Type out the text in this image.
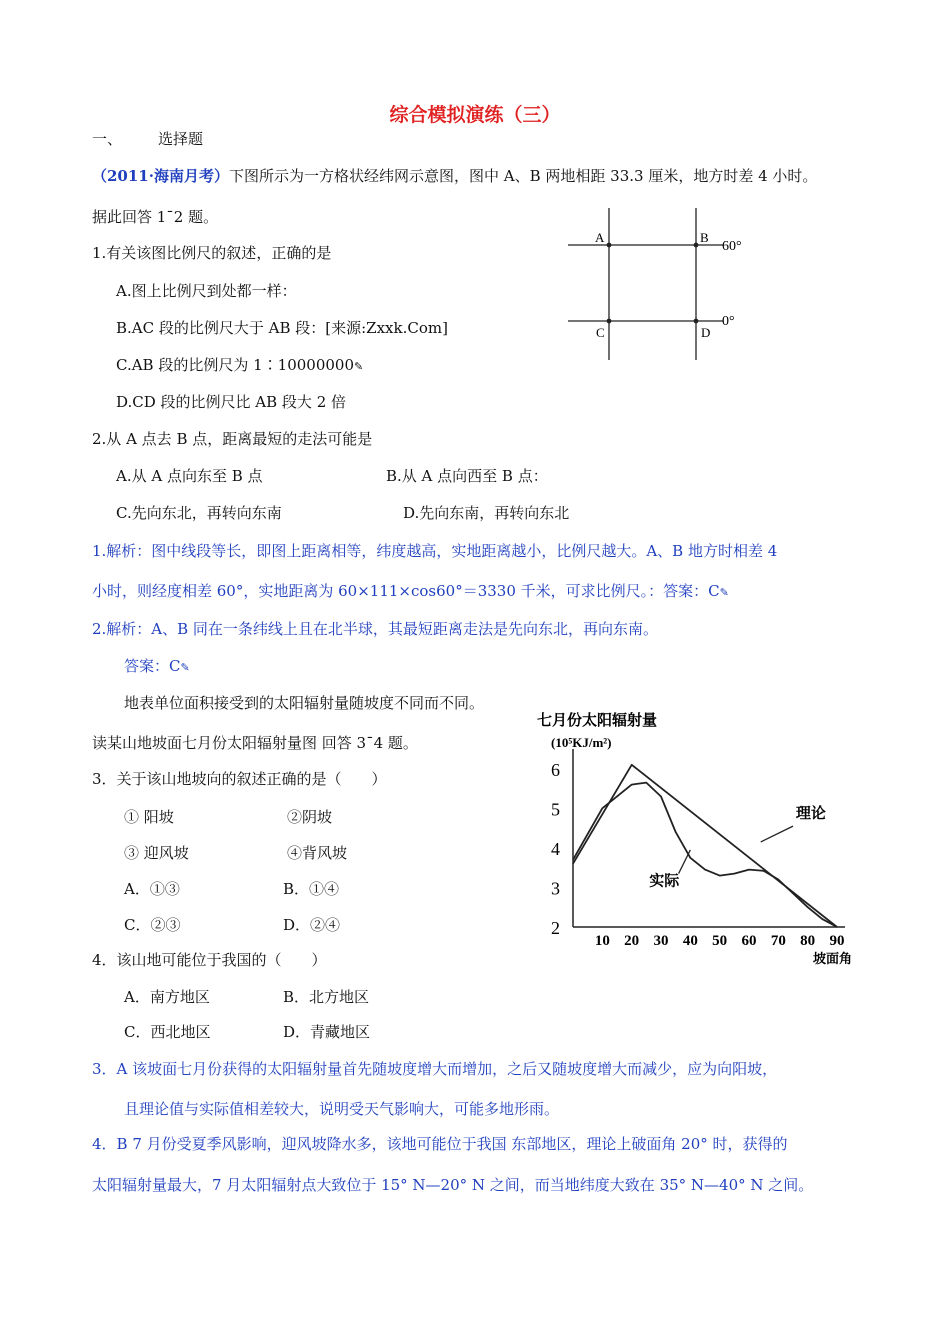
综合模拟演练（三）
一、 选择题
（2011·海南月考）下图所示为一方格状经纬网示意图，图中 A、B 两地相距 33.3 厘米，地方时差 4 小时。
据此回答 1¯2 题。
1.有关该图比例尺的叙述，正确的是
A.图上比例尺到处都一样：
B.AC 段的比例尺大于 AB 段：[来源:Zxxk.Com]
C.AB 段的比例尺为 1∶10000000✎
D.CD 段的比例尺比 AB 段大 2 倍
A	B
C	D
60°
0°
2.从 A 点去 B 点，距离最短的走法可能是
A.从 A 点向东至 B 点	B.从 A 点向西至 B 点：
C.先向东北，再转向东南	D.先向东南，再转向东北
1.解析：图中线段等长，即图上距离相等，纬度越高，实地距离越小，比例尺越大。A、B 地方时相差 4
小时，则经度相差 60°，实地距离为 60×111×cos60°＝3330 千米，可求比例尺。：答案：C✎
2.解析：A、B 同在一条纬线上且在北半球，其最短距离走法是先向东北，再向东南。
答案：C✎
地表单位面积接受到的太阳辐射量随坡度不同而不同。
读某山地坡面七月份太阳辐射量图 回答 3¯4 题。
3．关于该山地坡向的叙述正确的是（　　）
① 阳坡	②阴坡
③ 迎风坡	④背风坡
A．①③	B．①④
C．②③	D．②④
4．该山地可能位于我国的（　　）
A．南方地区	B．北方地区
C．西北地区	D．青藏地区
3．A 该坡面七月份获得的太阳辐射量首先随坡度增大而增加，之后又随坡度增大而减少，应为向阳坡，
且理论值与实际值相差较大，说明受天气影响大，可能多地形雨。
4．B 7 月份受夏季风影响，迎风坡降水多，该地可能位于我国 东部地区，理论上破面角 20° 时，获得的
太阳辐射量最大，7 月太阳辐射点大致位于 15° N—20° N 之间，而当地纬度大致在 35° N—40° N 之间。
七月份太阳辐射量
(10⁵KJ/m²)
2
3
4
5
6
10 20 30 40 50 60 70 80 90
理论
实际
坡面角
